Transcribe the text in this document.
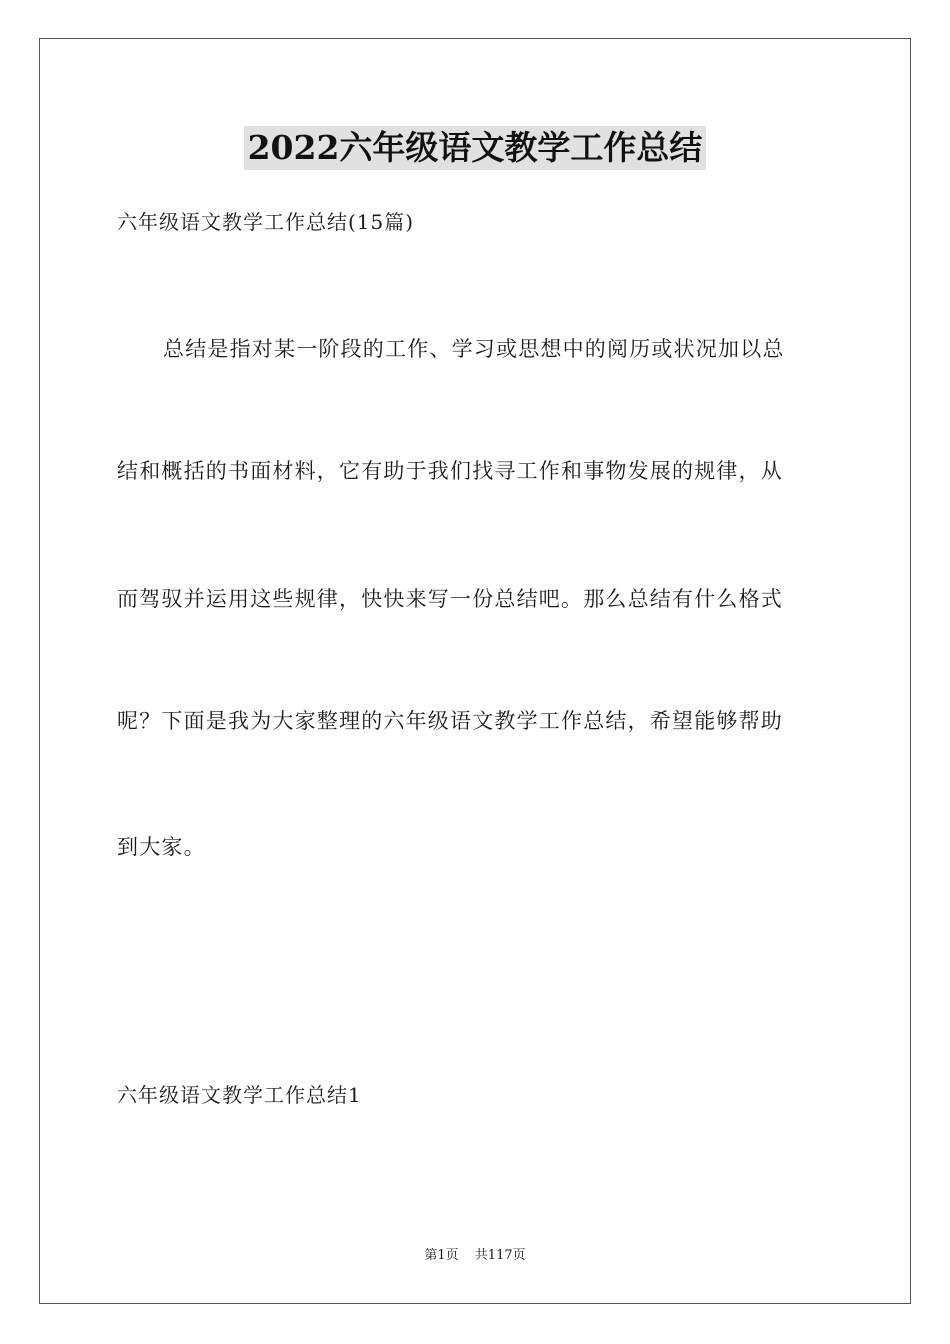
2022六年级语文教学工作总结
六年级语文教学工作总结(15篇)
总结是指对某一阶段的工作、学习或思想中的阅历或状况加以总
结和概括的书面材料，它有助于我们找寻工作和事物发展的规律，从
而驾驭并运用这些规律，快快来写一份总结吧。那么总结有什么格式
呢？下面是我为大家整理的六年级语文教学工作总结，希望能够帮助
到大家。
六年级语文教学工作总结1
第1页 共117页
